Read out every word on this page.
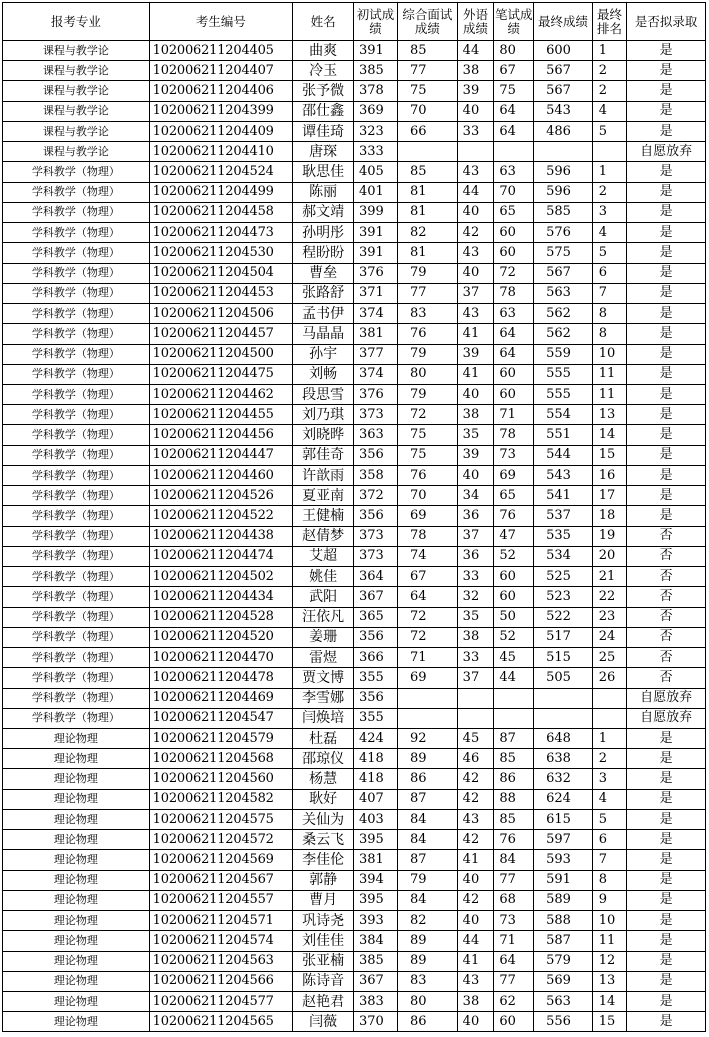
报考专业	考生编号	姓名	初试成绩	综合面试成绩	外语成绩	笔试成绩	最终成绩	最终排名	是否拟录取
课程与教学论	102006211204405	曲爽	391	85	44	80	600	1	是
课程与教学论	102006211204407	冷玉	385	77	38	67	567	2	是
课程与教学论	102006211204406	张予微	378	75	39	75	567	2	是
课程与教学论	102006211204399	邵仕鑫	369	70	40	64	543	4	是
课程与教学论	102006211204409	谭佳琦	323	66	33	64	486	5	是
课程与教学论	102006211204410	唐琛	333						自愿放弃
学科教学（物理）	102006211204524	耿思佳	405	85	43	63	596	1	是
学科教学（物理）	102006211204499	陈丽	401	81	44	70	596	2	是
学科教学（物理）	102006211204458	郝文靖	399	81	40	65	585	3	是
学科教学（物理）	102006211204473	孙明彤	391	82	42	60	576	4	是
学科教学（物理）	102006211204530	程盼盼	391	81	43	60	575	5	是
学科教学（物理）	102006211204504	曹垒	376	79	40	72	567	6	是
学科教学（物理）	102006211204453	张路舒	371	77	37	78	563	7	是
学科教学（物理）	102006211204506	孟书伊	374	83	43	63	562	8	是
学科教学（物理）	102006211204457	马晶晶	381	76	41	64	562	8	是
学科教学（物理）	102006211204500	孙宇	377	79	39	64	559	10	是
学科教学（物理）	102006211204475	刘畅	374	80	41	60	555	11	是
学科教学（物理）	102006211204462	段思雪	376	79	40	60	555	11	是
学科教学（物理）	102006211204455	刘乃琪	373	72	38	71	554	13	是
学科教学（物理）	102006211204456	刘晓晔	363	75	35	78	551	14	是
学科教学（物理）	102006211204447	郭佳奇	356	75	39	73	544	15	是
学科教学（物理）	102006211204460	许歆雨	358	76	40	69	543	16	是
学科教学（物理）	102006211204526	夏亚南	372	70	34	65	541	17	是
学科教学（物理）	102006211204522	王健楠	356	69	36	76	537	18	是
学科教学（物理）	102006211204438	赵倩梦	373	78	37	47	535	19	否
学科教学（物理）	102006211204474	艾超	373	74	36	52	534	20	否
学科教学（物理）	102006211204502	姚佳	364	67	33	60	525	21	否
学科教学（物理）	102006211204434	武阳	367	64	32	60	523	22	否
学科教学（物理）	102006211204528	汪依凡	365	72	35	50	522	23	否
学科教学（物理）	102006211204520	姜珊	356	72	38	52	517	24	否
学科教学（物理）	102006211204470	雷煜	366	71	33	45	515	25	否
学科教学（物理）	102006211204478	贾文博	355	69	37	44	505	26	否
学科教学（物理）	102006211204469	李雪娜	356						自愿放弃
学科教学（物理）	102006211204547	闫焕培	355						自愿放弃
理论物理	102006211204579	杜磊	424	92	45	87	648	1	是
理论物理	102006211204568	邵琼仪	418	89	46	85	638	2	是
理论物理	102006211204560	杨慧	418	86	42	86	632	3	是
理论物理	102006211204582	耿好	407	87	42	88	624	4	是
理论物理	102006211204575	关仙为	403	84	43	85	615	5	是
理论物理	102006211204572	桑云飞	395	84	42	76	597	6	是
理论物理	102006211204569	李佳伦	381	87	41	84	593	7	是
理论物理	102006211204567	郭静	394	79	40	77	591	8	是
理论物理	102006211204557	曹月	395	84	42	68	589	9	是
理论物理	102006211204571	巩诗尧	393	82	40	73	588	10	是
理论物理	102006211204574	刘佳佳	384	89	44	71	587	11	是
理论物理	102006211204563	张亚楠	385	89	41	64	579	12	是
理论物理	102006211204566	陈诗音	367	83	43	77	569	13	是
理论物理	102006211204577	赵艳君	383	80	38	62	563	14	是
理论物理	102006211204565	闫薇	370	86	40	60	556	15	是
